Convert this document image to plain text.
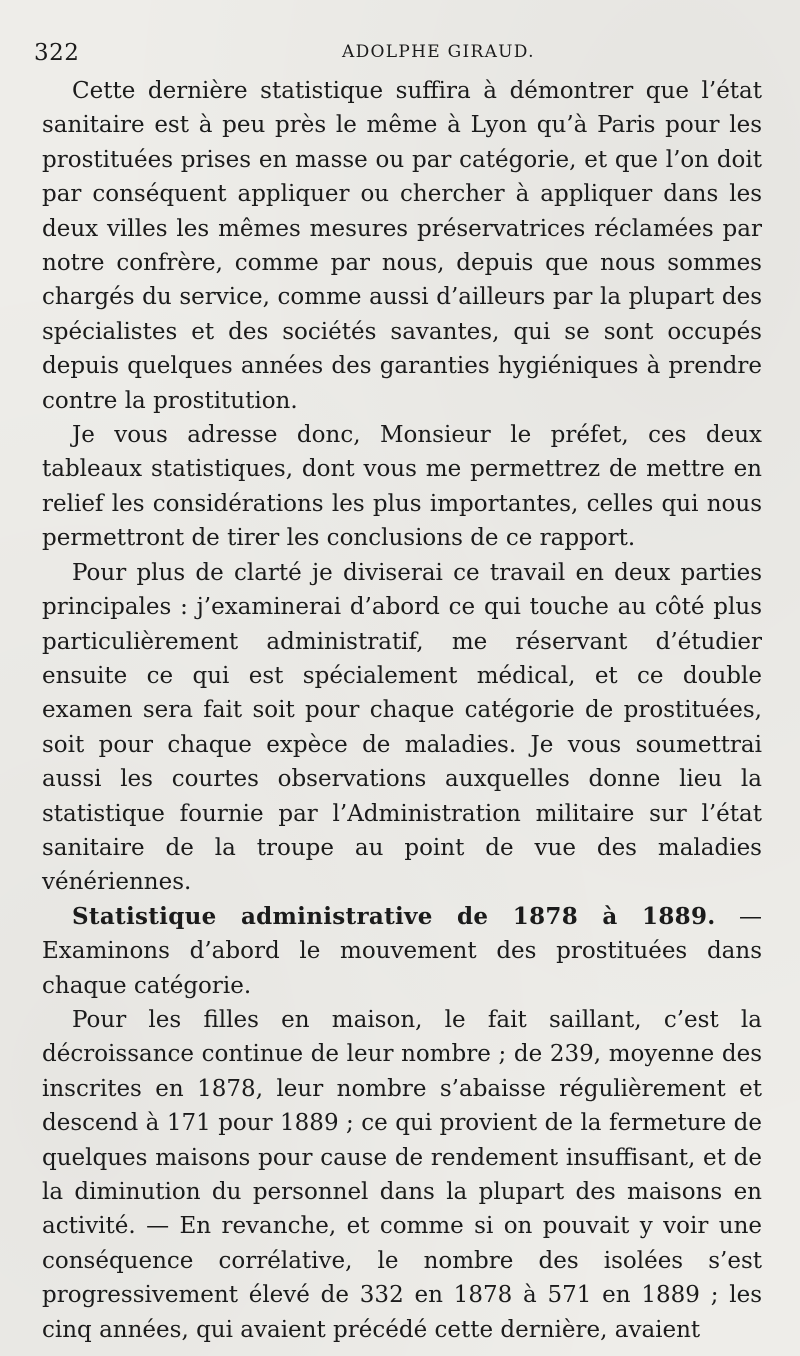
322	ADOLPHE GIRAUD.

Cette dernière statistique suffira à démontrer que l’état sanitaire est à peu près le même à Lyon qu’à Paris pour les prostituées prises en masse ou par catégorie, et que l’on doit par conséquent appliquer ou chercher à appliquer dans les deux villes les mêmes mesures préservatrices réclamées par notre confrère, comme par nous, depuis que nous sommes chargés du service, comme aussi d’ailleurs par la plupart des spécialistes et des sociétés savantes, qui se sont occupés depuis quelques années des garanties hygiéniques à prendre contre la prostitution.

Je vous adresse donc, Monsieur le préfet, ces deux tableaux statistiques, dont vous me permettrez de mettre en relief les considérations les plus importantes, celles qui nous permettront de tirer les conclusions de ce rapport.

Pour plus de clarté je diviserai ce travail en deux parties principales : j’examinerai d’abord ce qui touche au côté plus particulièrement administratif, me réservant d’étudier ensuite ce qui est spécialement médical, et ce double examen sera fait soit pour chaque catégorie de prostituées, soit pour chaque expèce de maladies. Je vous soumettrai aussi les courtes observations auxquelles donne lieu la statistique fournie par l’Administration militaire sur l’état sanitaire de la troupe au point de vue des maladies vénériennes.

Statistique administrative de 1878 à 1889. — Examinons d’abord le mouvement des prostituées dans chaque catégorie.

Pour les filles en maison, le fait saillant, c’est la décroissance continue de leur nombre ; de 239, moyenne des inscrites en 1878, leur nombre s’abaisse régulièrement et descend à 171 pour 1889 ; ce qui provient de la fermeture de quelques maisons pour cause de rendement insuffisant, et de la diminution du personnel dans la plupart des maisons en activité. — En revanche, et comme si on pouvait y voir une conséquence corrélative, le nombre des isolées s’est progressivement élevé de 332 en 1878 à 571 en 1889 ; les cinq années, qui avaient précédé cette dernière, avaient
